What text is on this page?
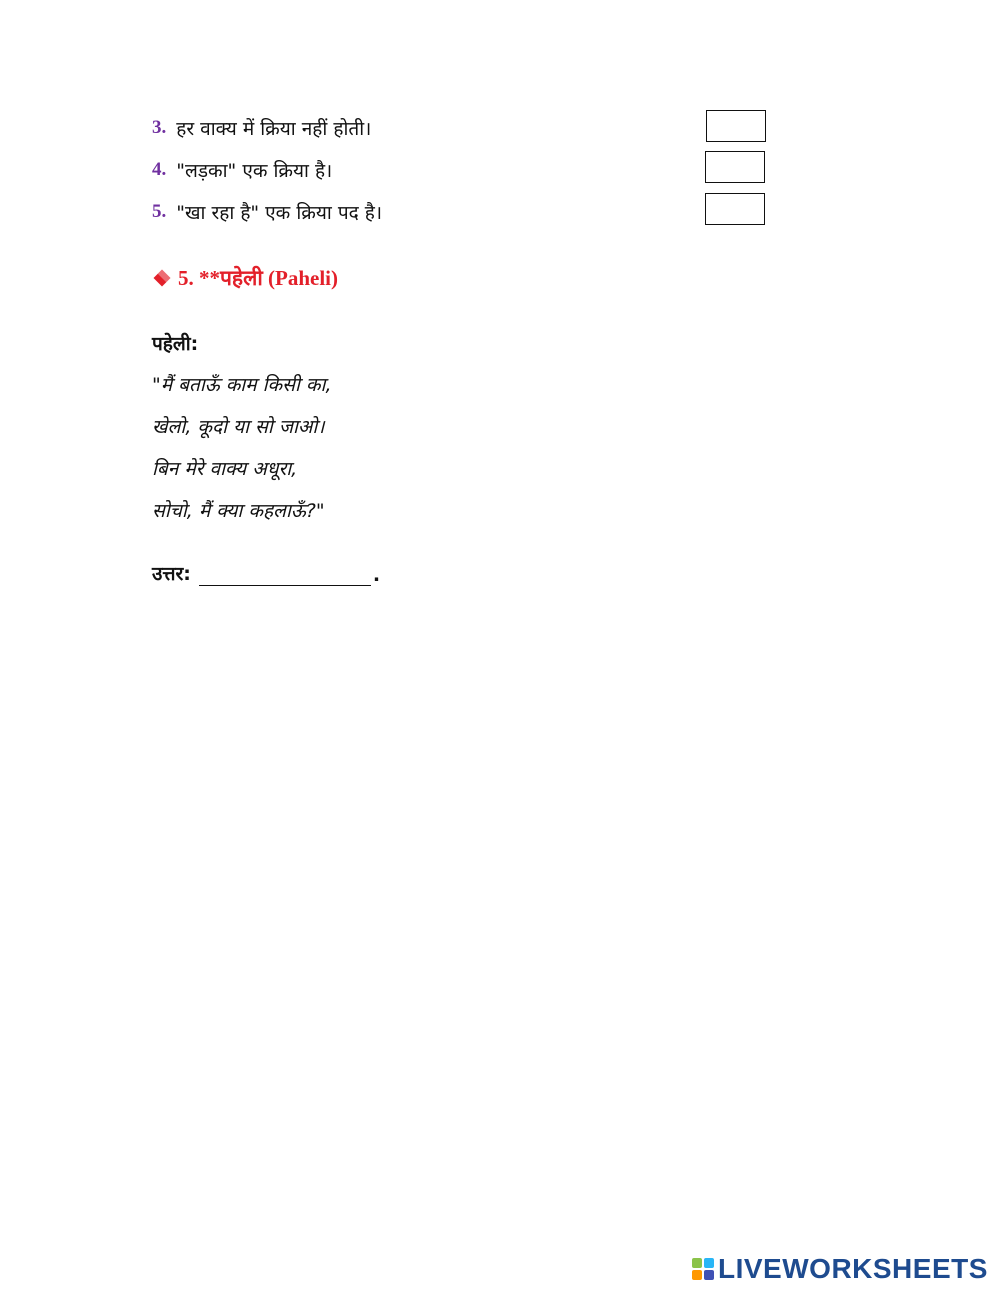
3. हर वाक्य में क्रिया नहीं होती।
4. "लड़का" एक क्रिया है।
5. "खा रहा है" एक क्रिया पद है।
5. **पहेली (Paheli)
पहेली:
"मैं बताऊँ काम किसी का,
खेलो, कूदो या सो जाओ।
बिन मेरे वाक्य अधूरा,
सोचो, मैं क्या कहलाऊँ?"
उत्तर:	.
LIVEWORKSHEETS
